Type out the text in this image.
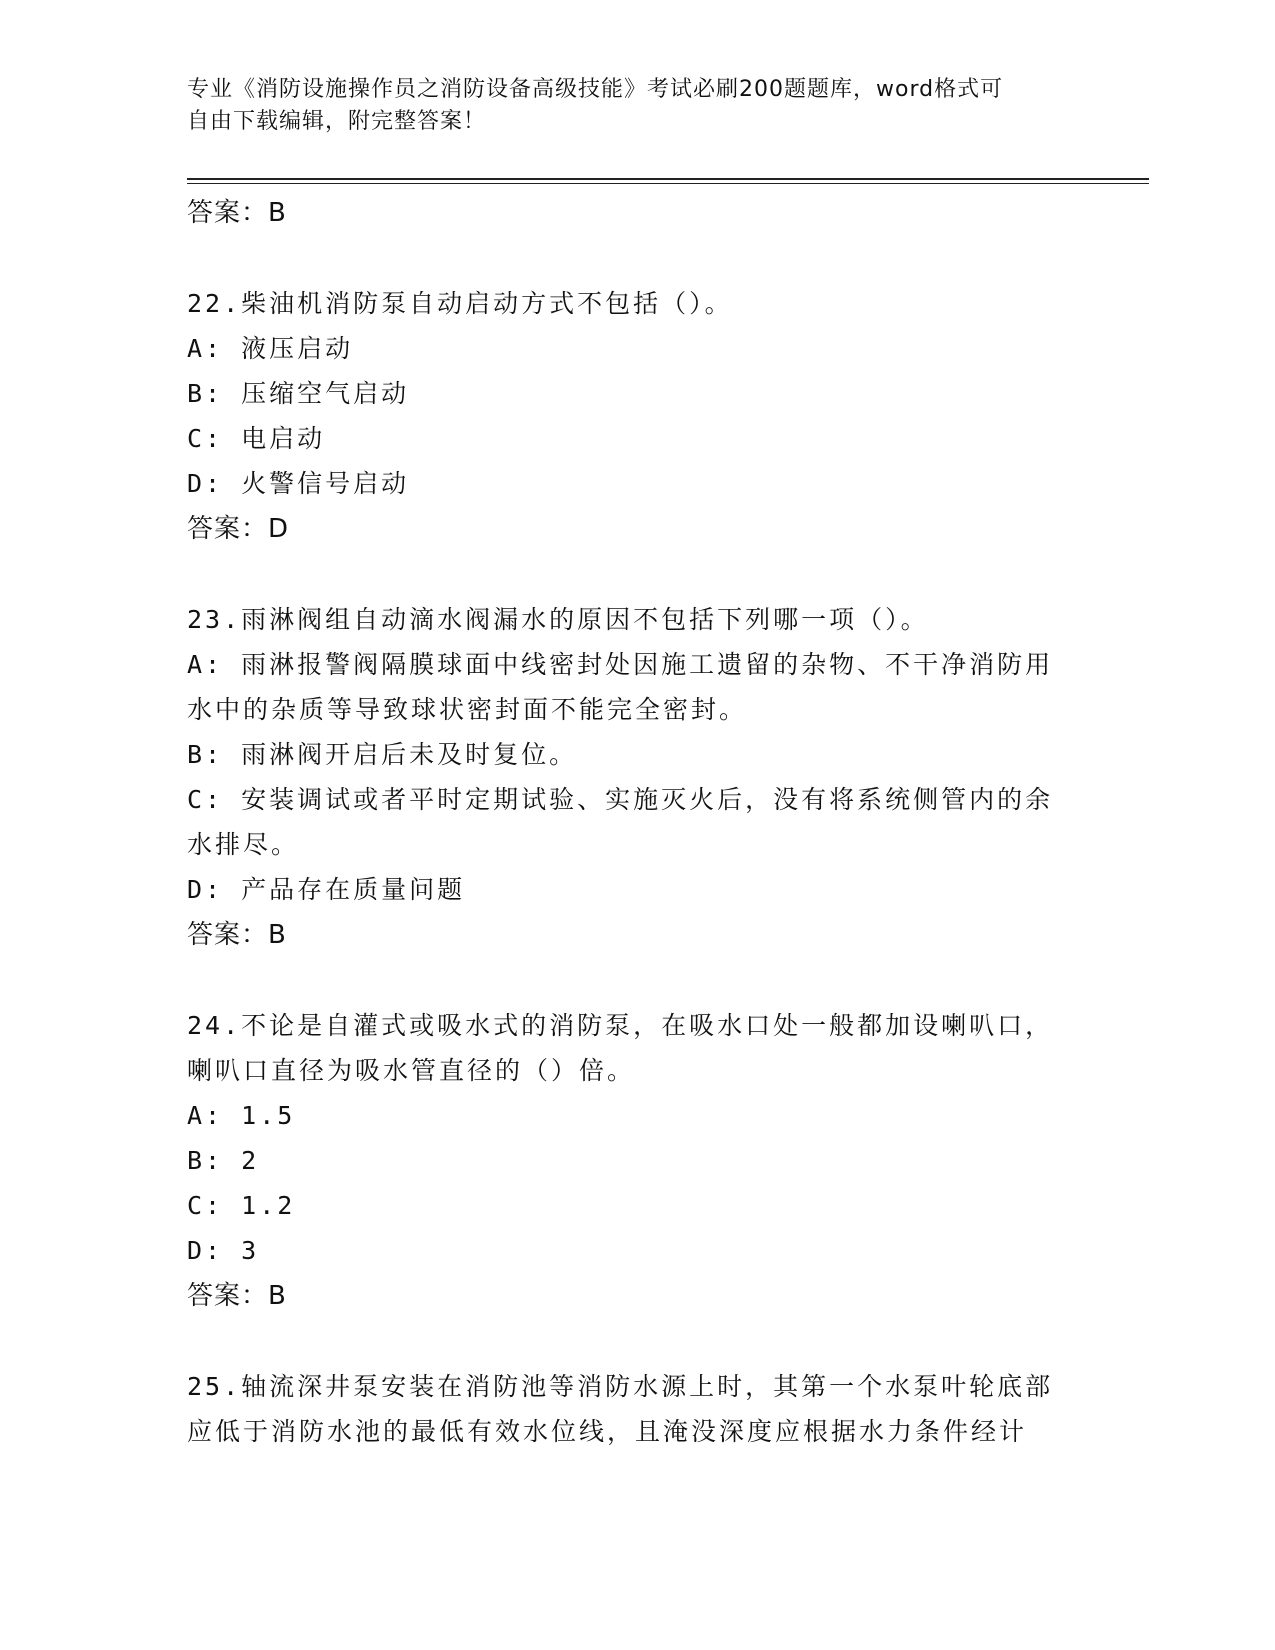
专业《消防设施操作员之消防设备高级技能》考试必刷200题题库，word格式可
自由下载编辑，附完整答案！

答案：B

22.柴油机消防泵自动启动方式不包括（）。

A: 液压启动

B: 压缩空气启动

C: 电启动

D: 火警信号启动

答案：D

23.雨淋阀组自动滴水阀漏水的原因不包括下列哪一项（）。

A: 雨淋报警阀隔膜球面中线密封处因施工遗留的杂物、不干净消防用

水中的杂质等导致球状密封面不能完全密封。

B: 雨淋阀开启后未及时复位。

C: 安装调试或者平时定期试验、实施灭火后，没有将系统侧管内的余

水排尽。

D: 产品存在质量问题

答案：B

24.不论是自灌式或吸水式的消防泵，在吸水口处一般都加设喇叭口，

喇叭口直径为吸水管直径的（）倍。

A: 1.5

B: 2

C: 1.2

D: 3

答案：B

25.轴流深井泵安装在消防池等消防水源上时，其第一个水泵叶轮底部

应低于消防水池的最低有效水位线，且淹没深度应根据水力条件经计
